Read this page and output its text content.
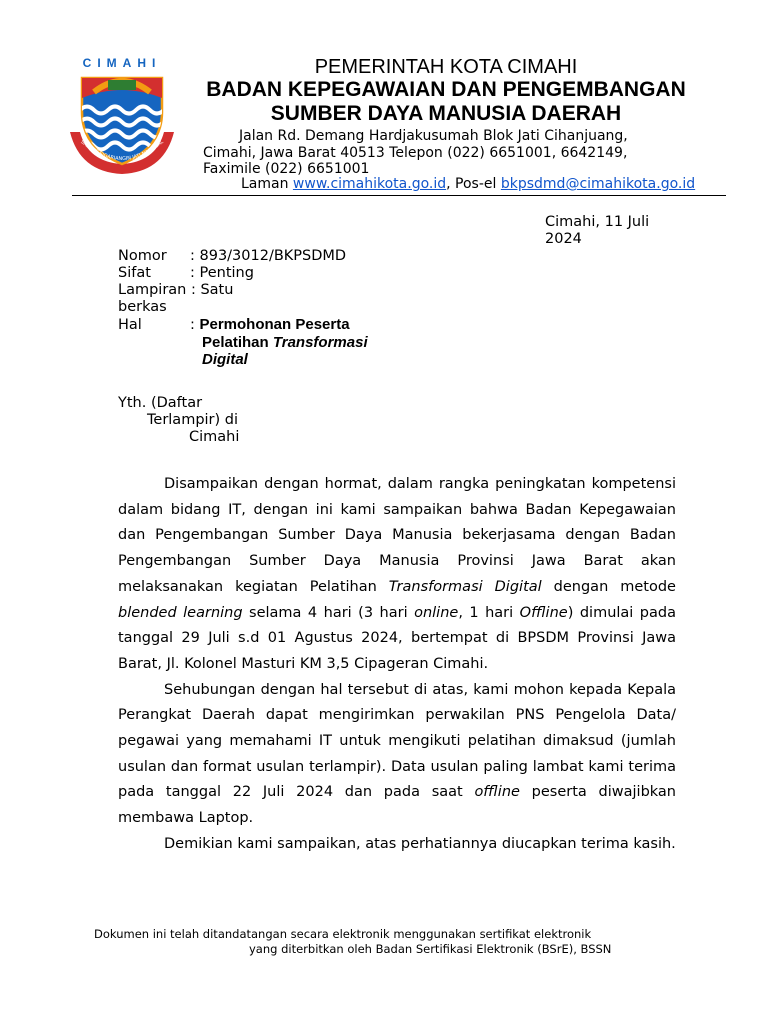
CIMAHI
SALAPIS SIGARIANGIN JATI NANGGAL
PEMERINTAH KOTA CIMAHI
BADAN KEPEGAWAIAN DAN PENGEMBANGAN
SUMBER DAYA MANUSIA DAERAH
Jalan Rd. Demang Hardjakusumah Blok Jati Cihanjuang,
Cimahi, Jawa Barat 40513 Telepon (022) 6651001, 6642149,
Faximile (022) 6651001
Laman www.cimahikota.go.id, Pos-el bkpsdmd@cimahikota.go.id
Cimahi, 11 Juli
2024
Nomor : 893/3012/BKPSDMD
Sifat	: Penting
Lampiran : Satu
berkas
Hal	: Permohonan Peserta
Pelatihan Transformasi
Digital
Yth. (Daftar
Terlampir) di
Cimahi

Disampaikan dengan hormat, dalam rangka peningkatan kompetensi dalam bidang IT, dengan ini kami sampaikan bahwa Badan Kepegawaian dan Pengembangan Sumber Daya Manusia bekerjasama dengan Badan Pengembangan Sumber Daya Manusia Provinsi Jawa Barat akan melaksanakan kegiatan Pelatihan Transformasi Digital dengan metode blended learning selama 4 hari (3 hari online, 1 hari Offline) dimulai pada tanggal 29 Juli s.d 01 Agustus 2024, bertempat di BPSDM Provinsi Jawa Barat, Jl. Kolonel Masturi KM 3,5 Cipageran Cimahi.

Sehubungan dengan hal tersebut di atas, kami mohon kepada Kepala Perangkat Daerah dapat mengirimkan perwakilan PNS Pengelola Data/ pegawai yang memahami IT untuk mengikuti pelatihan dimaksud (jumlah usulan dan format usulan terlampir). Data usulan paling lambat kami terima pada tanggal 22 Juli 2024 dan pada saat offline peserta diwajibkan membawa Laptop.

Demikian kami sampaikan, atas perhatiannya diucapkan terima kasih.

Dokumen ini telah ditandatangan secara elektronik menggunakan sertifikat elektronik
yang diterbitkan oleh Badan Sertifikasi Elektronik (BSrE), BSSN
